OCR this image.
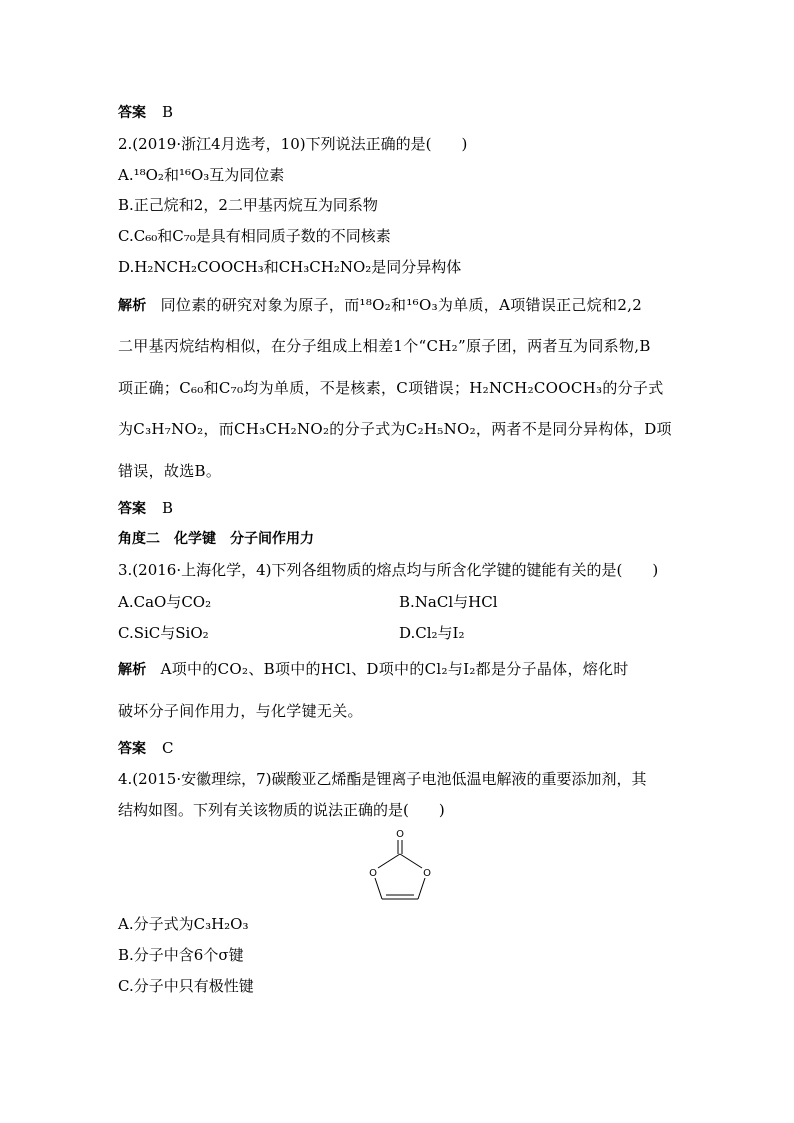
答案 B
2.(2019·浙江4月选考，10)下列说法正确的是(　　)
A.¹⁸O₂和¹⁶O₃互为同位素
B.正己烷和2，2二甲基丙烷互为同系物
C.C₆₀和C₇₀是具有相同质子数的不同核素
D.H₂NCH₂COOCH₃和CH₃CH₂NO₂是同分异构体
解析 同位素的研究对象为原子，而¹⁸O₂和¹⁶O₃为单质，A项错误正己烷和2,2
二甲基丙烷结构相似，在分子组成上相差1个“CH₂”原子团，两者互为同系物,B
项正确；C₆₀和C₇₀均为单质，不是核素，C项错误；H₂NCH₂COOCH₃的分子式
为C₃H₇NO₂，而CH₃CH₂NO₂的分子式为C₂H₅NO₂，两者不是同分异构体，D项
错误，故选B。
答案 B
角度二　化学键　分子间作用力
3.(2016·上海化学，4)下列各组物质的熔点均与所含化学键的键能有关的是(　　)
A.CaO与CO₂	B.NaCl与HCl
C.SiC与SiO₂	D.Cl₂与I₂
解析 A项中的CO₂、B项中的HCl、D项中的Cl₂与I₂都是分子晶体，熔化时
破坏分子间作用力，与化学键无关。
答案 C
4.(2015·安徽理综，7)碳酸亚乙烯酯是锂离子电池低温电解液的重要添加剂，其
结构如图。下列有关该物质的说法正确的是(　　)
O
O	O
A.分子式为C₃H₂O₃
B.分子中含6个σ键
C.分子中只有极性键
